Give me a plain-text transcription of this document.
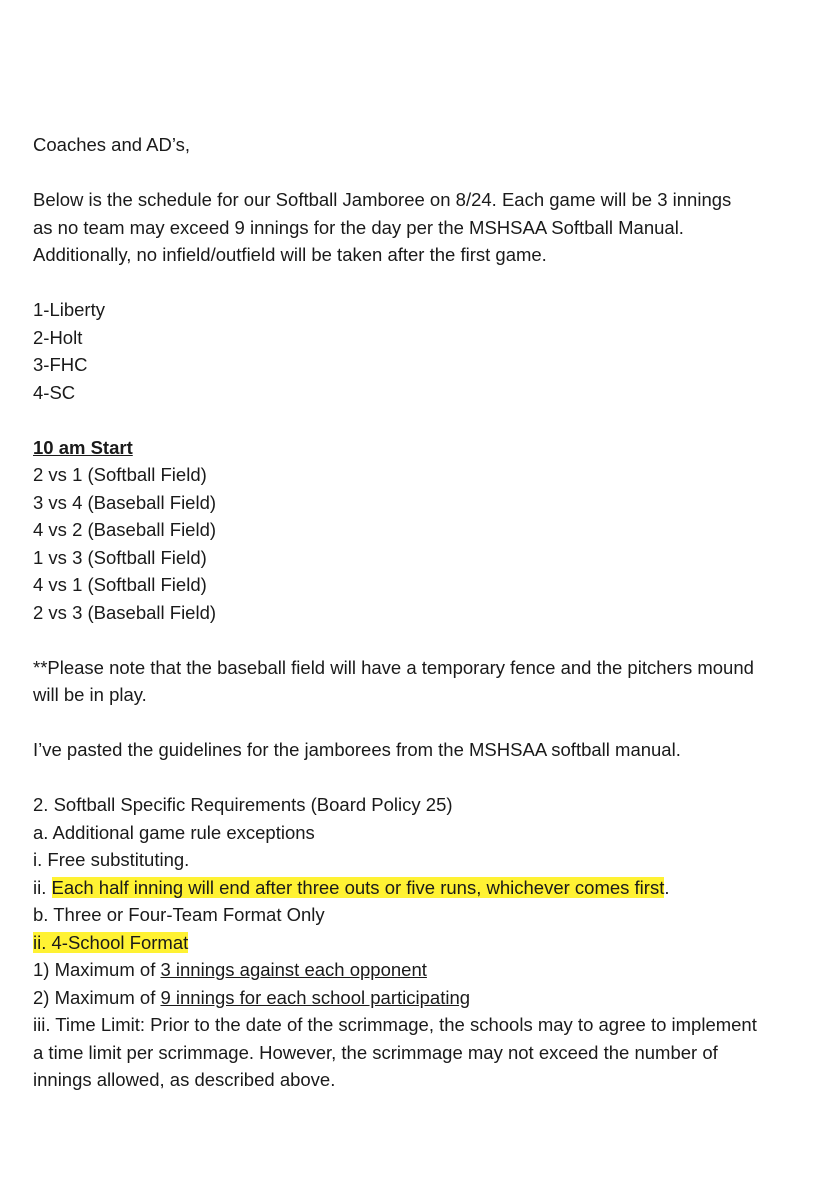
Coaches and AD’s,
Below is the schedule for our Softball Jamboree on 8/24. Each game will be 3 innings
as no team may exceed 9 innings for the day per the MSHSAA Softball Manual.
Additionally, no infield/outfield will be taken after the first game.
1-Liberty
2-Holt
3-FHC
4-SC
10 am Start
2 vs 1 (Softball Field)
3 vs 4 (Baseball Field)
4 vs 2 (Baseball Field)
1 vs 3 (Softball Field)
4 vs 1 (Softball Field)
2 vs 3 (Baseball Field)
**Please note that the baseball field will have a temporary fence and the pitchers mound
will be in play.
I’ve pasted the guidelines for the jamborees from the MSHSAA softball manual.
2. Softball Specific Requirements (Board Policy 25)
a. Additional game rule exceptions
i. Free substituting.
ii. Each half inning will end after three outs or five runs, whichever comes first.
b. Three or Four-Team Format Only
ii. 4-School Format
1) Maximum of 3 innings against each opponent
2) Maximum of 9 innings for each school participating
iii. Time Limit: Prior to the date of the scrimmage, the schools may to agree to implement
a time limit per scrimmage. However, the scrimmage may not exceed the number of
innings allowed, as described above.
